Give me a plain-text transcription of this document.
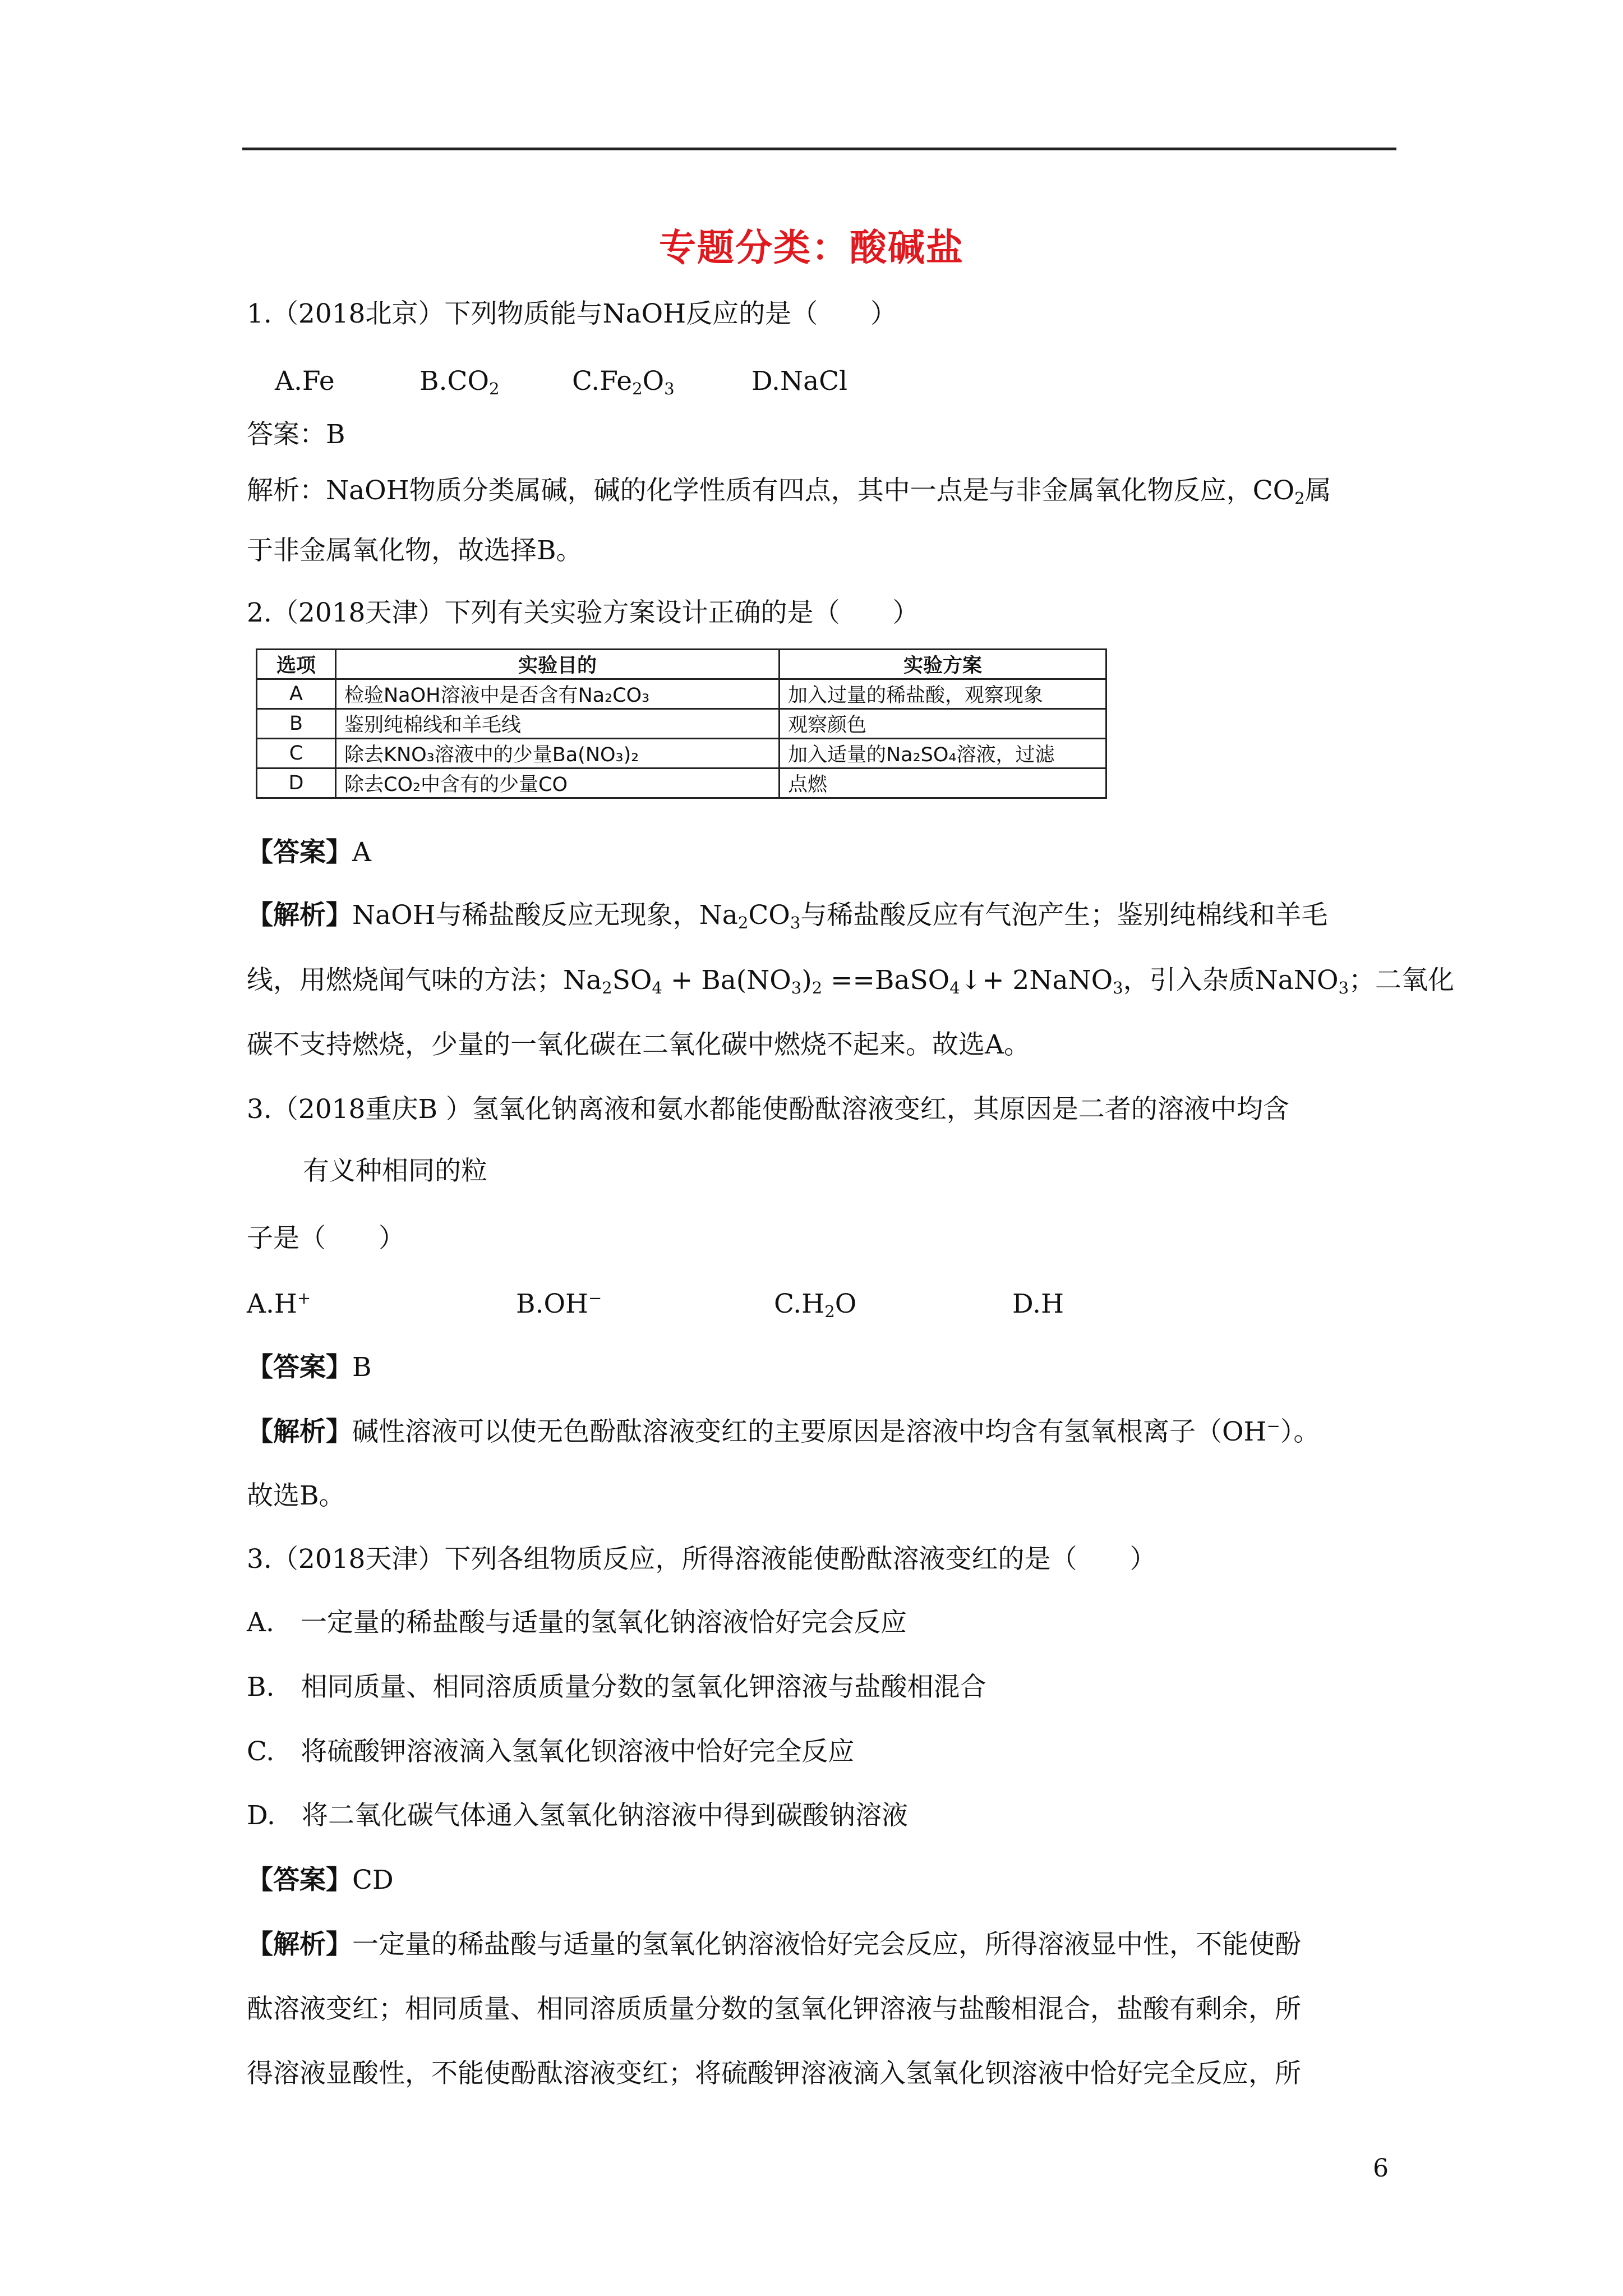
专题分类：酸碱盐
1.（2018北京）下列物质能与NaOH反应的是（　　）
A.Fe	$B.CO_2$	$C.Fe_2O_3$	D.NaCl
答案：B
解析：NaOH物质分类属碱，碱的化学性质有四点，其中一点是与非金属氧化物反应，$CO_2$属
于非金属氧化物，故选择B。
2.（2018天津）下列有关实验方案设计正确的是（　　）
选项	实验目的	实验方案
A	检验NaOH溶液中是否含有Na₂CO₃	加入过量的稀盐酸，观察现象
B	鉴别纯棉线和羊毛线	观察颜色
C	除去KNO₃溶液中的少量Ba(NO₃)₂	加入适量的Na₂SO₄溶液，过滤
D	除去CO₂中含有的少量CO	点燃
【答案】A
【解析】NaOH与稀盐酸反应无现象，$Na_2CO_3$与稀盐酸反应有气泡产生；鉴别纯棉线和羊毛
线，用燃烧闻气味的方法；$Na_2SO_4 + Ba(NO_3)_2$ ==BaSO$_4$↓+ 2NaNO$_3$，引入杂质NaNO$_3$；二氧化
碳不支持燃烧，少量的一氧化碳在二氧化碳中燃烧不起来。故选A。
3.（2018重庆B ）氢氧化钠离液和氨水都能使酚酞溶液变红，其原因是二者的溶液中均含
有义种相同的粒
子是（　　）
A.H+	B.OH−	$C.H_2O$	D.H
【答案】B
【解析】碱性溶液可以使无色酚酞溶液变红的主要原因是溶液中均含有氢氧根离子（OH−）。
故选B。
3.（2018天津）下列各组物质反应，所得溶液能使酚酞溶液变红的是（　　）
A.　一定量的稀盐酸与适量的氢氧化钠溶液恰好完会反应
B.　相同质量、相同溶质质量分数的氢氧化钾溶液与盐酸相混合
C.　将硫酸钾溶液滴入氢氧化钡溶液中恰好完全反应
D.　将二氧化碳气体通入氢氧化钠溶液中得到碳酸钠溶液
【答案】CD
【解析】一定量的稀盐酸与适量的氢氧化钠溶液恰好完会反应，所得溶液显中性，不能使酚
酞溶液变红；相同质量、相同溶质质量分数的氢氧化钾溶液与盐酸相混合，盐酸有剩余，所
得溶液显酸性，不能使酚酞溶液变红；将硫酸钾溶液滴入氢氧化钡溶液中恰好完全反应，所
6
